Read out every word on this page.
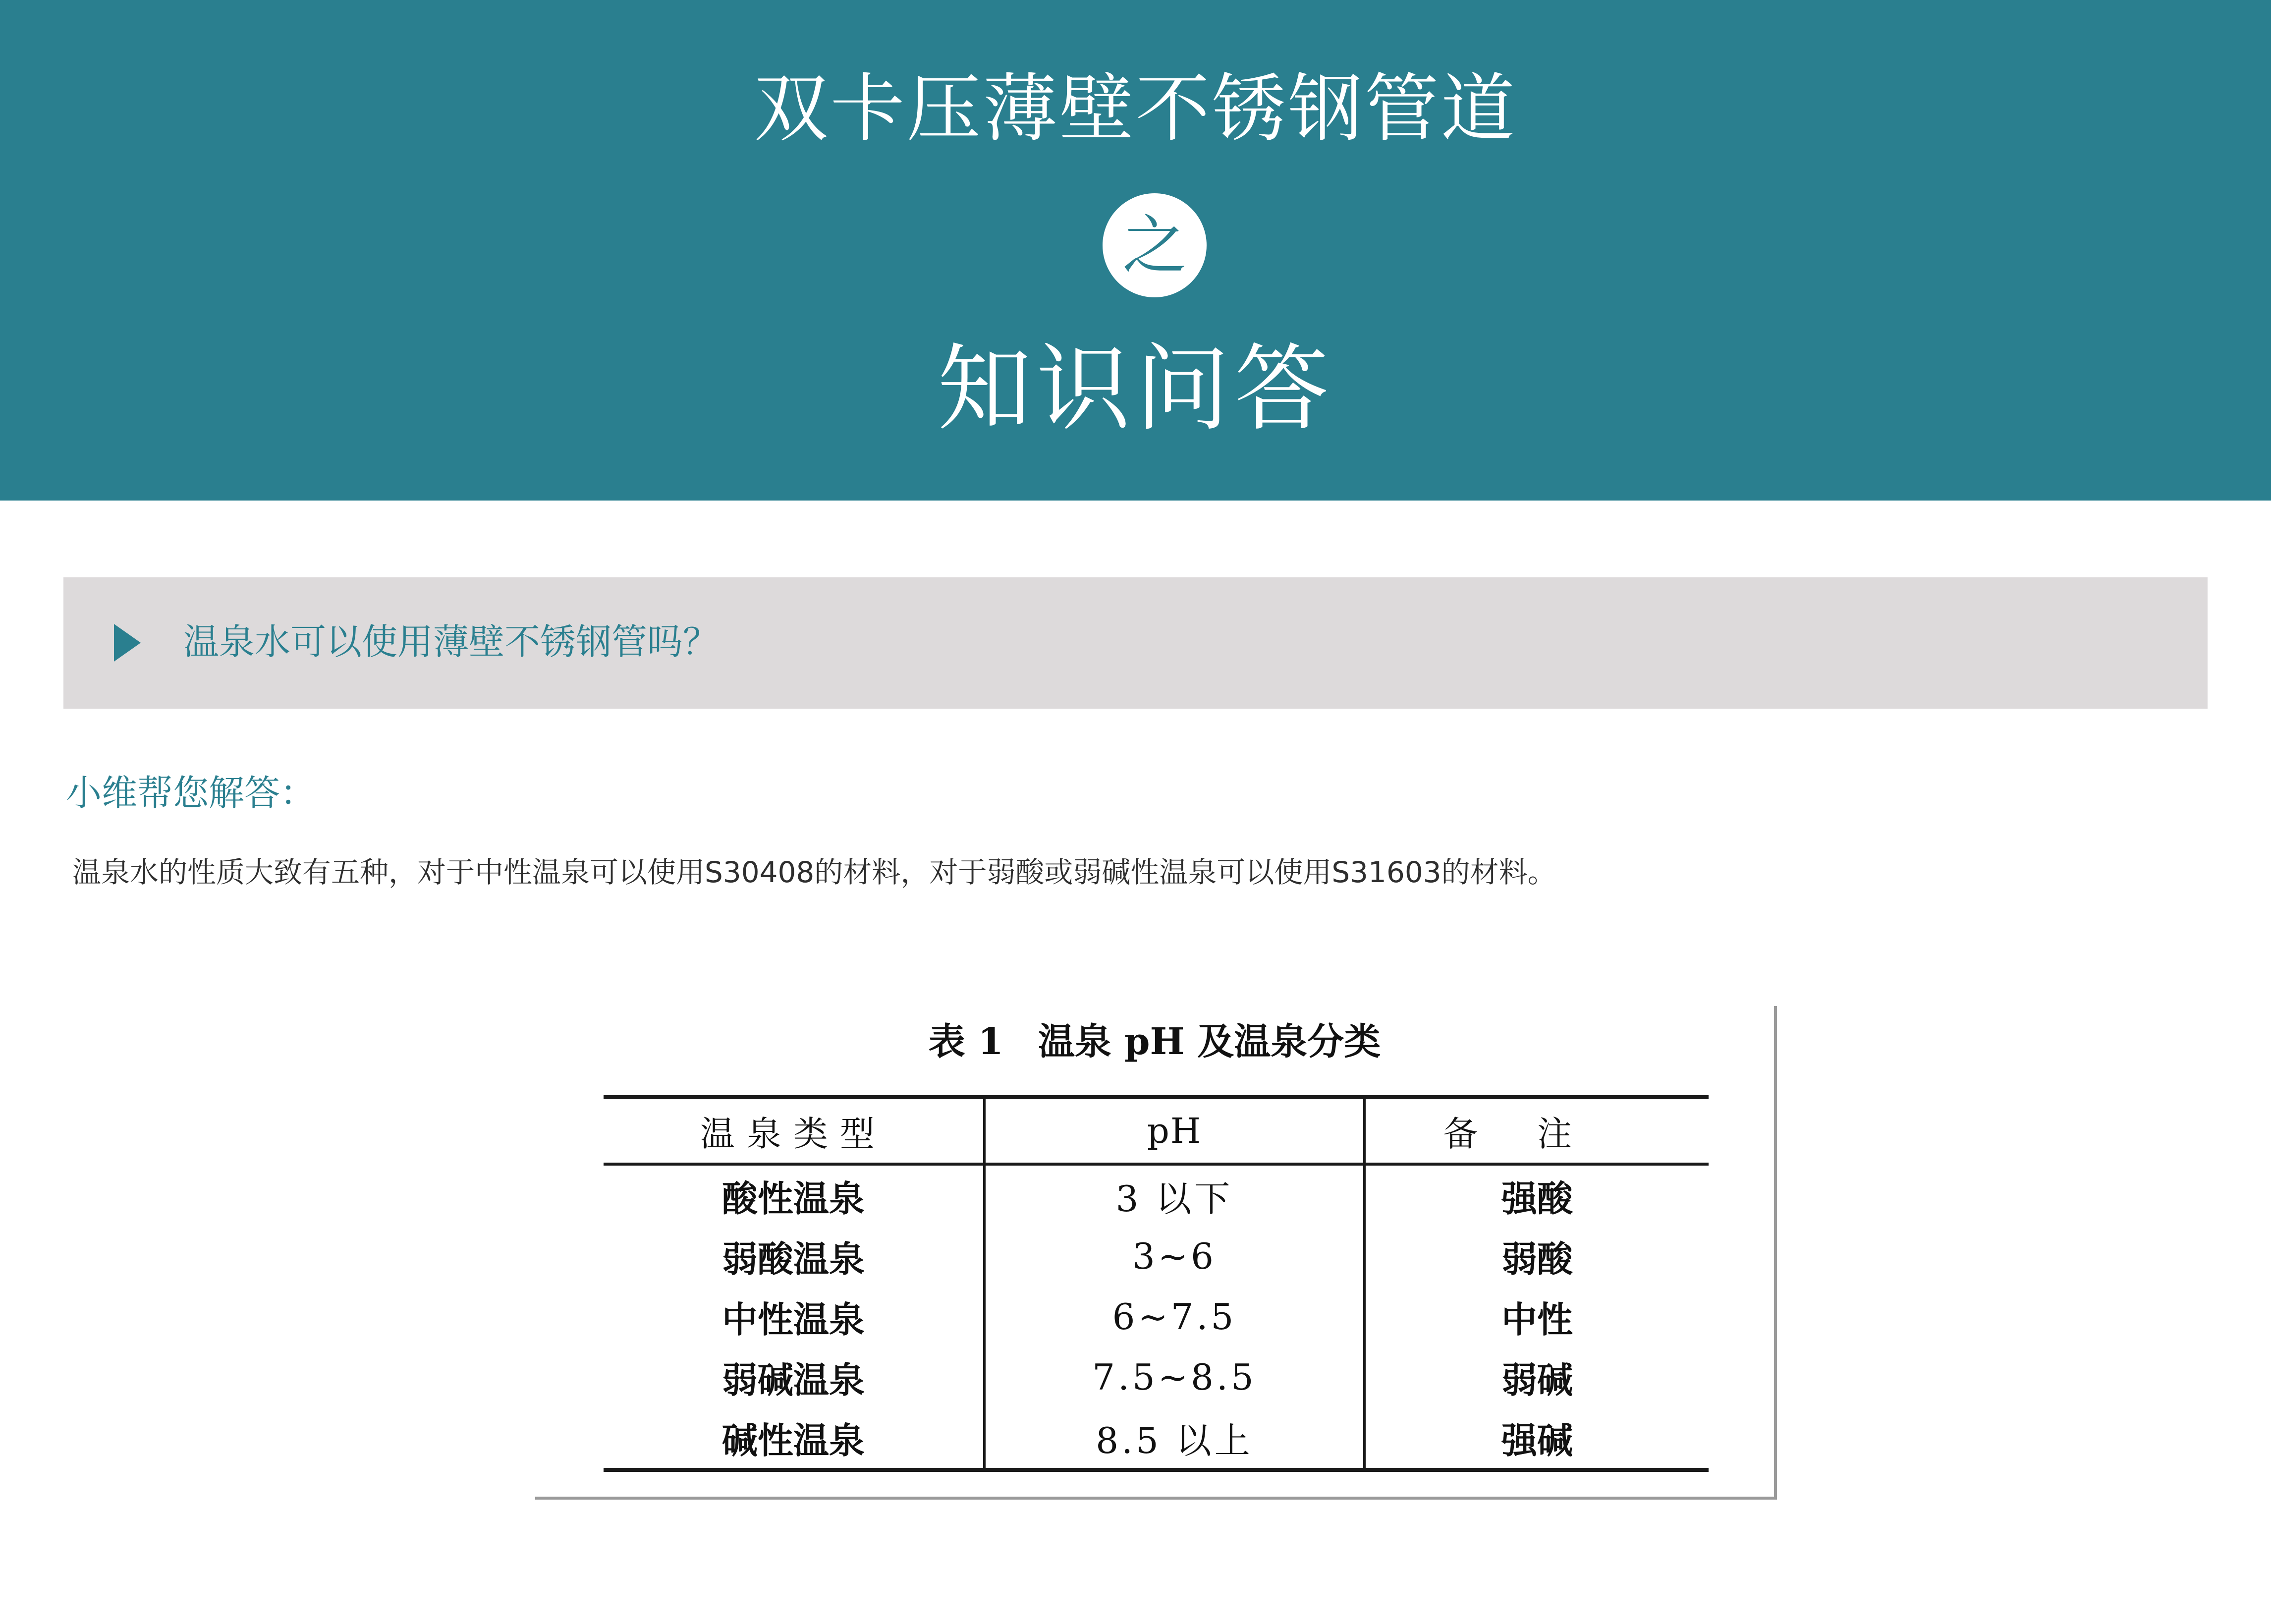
双卡压薄壁不锈钢管道
之
知识问答
温泉水可以使用薄壁不锈钢管吗？
小维帮您解答：
温泉水的性质大致有五种，对于中性温泉可以使用S30408的材料，对于弱酸或弱碱性温泉可以使用S31603的材料。
表 1 温泉 pH 及温泉分类
温泉类型	pH	备注
酸性温泉	3 以下	强酸
弱酸温泉	3~6	弱酸
中性温泉	6~7.5	中性
弱碱温泉	7.5~8.5	弱碱
碱性温泉	8.5 以上	强碱
